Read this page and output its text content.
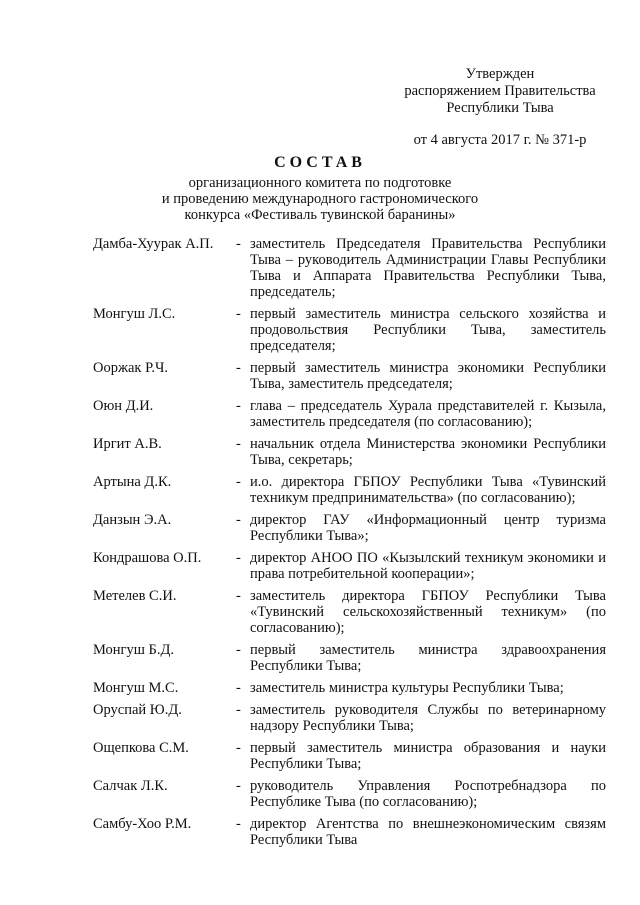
Утвержден
распоряжением Правительства
Республики Тыва
от 4 августа 2017 г. № 371-р
СОСТАВ
организационного комитета по подготовке
и проведению международного гастрономического
конкурса «Фестиваль тувинской баранины»
Дамба-Хуурак А.П.	- заместитель Председателя Правительства Республики Тыва – руководитель Администрации Главы Республики Тыва и Аппарата Правительства Республики Тыва, председатель;
Монгуш Л.С.	- первый заместитель министра сельского хозяйства и продовольствия Республики Тыва, заместитель председателя;
Ооржак Р.Ч.	- первый заместитель министра экономики Республики Тыва, заместитель председателя;
Оюн Д.И.	- глава – председатель Хурала представителей г. Кызыла, заместитель председателя (по согласованию);
Иргит А.В.	- начальник отдела Министерства экономики Республики Тыва, секретарь;
Артына Д.К.	- и.о. директора ГБПОУ Республики Тыва «Тувинский техникум предпринимательства» (по согласованию);
Данзын Э.А.	- директор ГАУ «Информационный центр туризма Республики Тыва»;
Кондрашова О.П.	- директор АНОО ПО «Кызылский техникум экономики и права потребительной кооперации»;
Метелев С.И.	- заместитель директора ГБПОУ Республики Тыва «Тувинский сельскохозяйственный техникум» (по согласованию);
Монгуш Б.Д.	- первый заместитель министра здравоохранения Республики Тыва;
Монгуш М.С.	- заместитель министра культуры Республики Тыва;
Оруспай Ю.Д.	- заместитель руководителя Службы по ветеринарному надзору Республики Тыва;
Ощепкова С.М.	- первый заместитель министра образования и науки Республики Тыва;
Салчак Л.К.	- руководитель Управления Роспотребнадзора по Республике Тыва (по согласованию);
Самбу-Хоо Р.М.	- директор Агентства по внешнеэкономическим связям Республики Тыва
